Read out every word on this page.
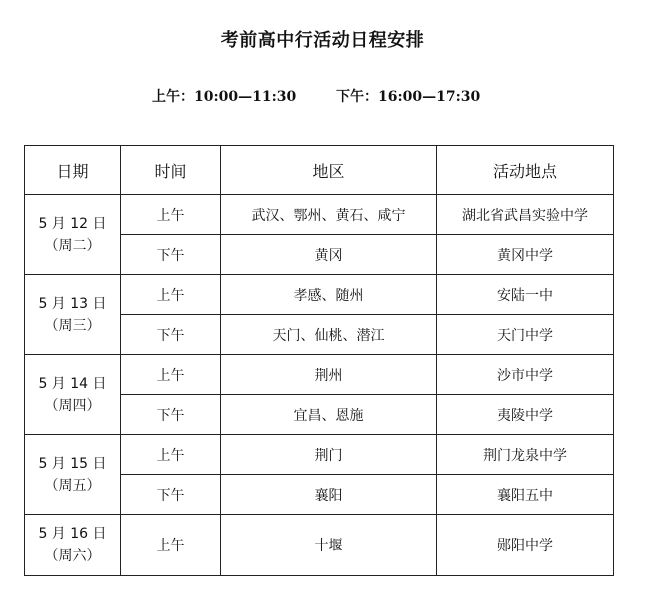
考前高中行活动日程安排
上午：10:00—11:30	下午：16:00—17:30
日期	时间	地区	活动地点

5 月 12 日
（周二）	上午	武汉、鄂州、黄石、咸宁	湖北省武昌实验中学
	下午	黄冈	黄冈中学

5 月 13 日
（周三）	上午	孝感、随州	安陆一中
	下午	天门、仙桃、潜江	天门中学

5 月 14 日
（周四）	上午	荆州	沙市中学
	下午	宜昌、恩施	夷陵中学

5 月 15 日
（周五）	上午	荆门	荆门龙泉中学
	下午	襄阳	襄阳五中

5 月 16 日
（周六）	上午	十堰	郧阳中学
